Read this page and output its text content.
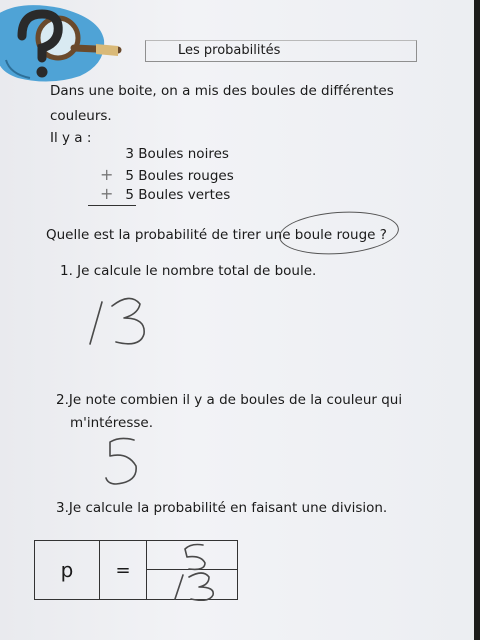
Les probabilités
Dans une boite, on a mis des boules de différentes
couleurs.
Il y a :
3 Boules noires
+ 5 Boules rouges
+ 5 Boules vertes
Quelle est la probabilité de tirer une boule rouge ?
1. Je calcule le nombre total de boule.
2.Je note combien il y a de boules de la couleur qui
m'intéresse.
3.Je calcule la probabilité en faisant une division.
p	=	
